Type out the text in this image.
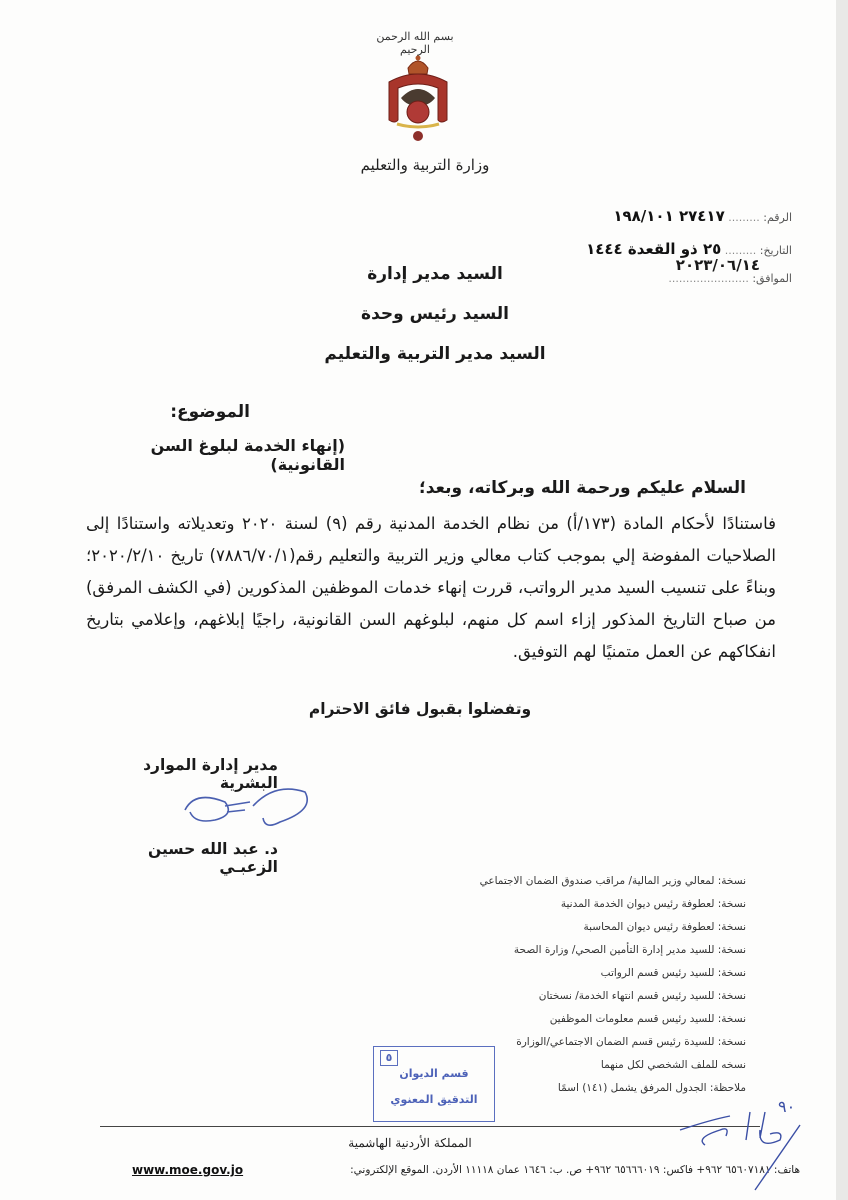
بسم الله الرحمن الرحيم
وزارة التربية والتعليم
الرقم: ......... ٢٧٤١٧ ١٩٨/١٠١
التاريخ: ......... ٢٥ ذو القعدة ١٤٤٤
الموافق: .......................
٢٠٢٣/٠٦/١٤
السيد مدير إدارة
السيد رئيس وحدة
السيد مدير التربية والتعليم
الموضوع:
(إنهاء الخدمة لبلوغ السن القانونية)
السلام عليكم ورحمة الله وبركاته، وبعد؛
فاستنادًا لأحكام المادة (١٧٣/أ) من نظام الخدمة المدنية رقم (٩) لسنة ٢٠٢٠ وتعديلاته واستنادًا إلى الصلاحيات المفوضة إلي بموجب كتاب معالي وزير التربية والتعليم رقم(٧٨٨٦/٧٠/١) تاريخ ٢٠٢٠/٢/١٠؛ وبناءً على تنسيب السيد مدير الرواتب، قررت إنهاء خدمات الموظفين المذكورين (في الكشف المرفق) من صباح التاريخ المذكور إزاء اسم كل منهم، لبلوغهم السن القانونية، راجيًا إبلاغهم، وإعلامي بتاريخ انفكاكهم عن العمل متمنيًا لهم التوفيق.
وتفضلوا بقبول فائق الاحترام
مدير إدارة الموارد البشرية
د. عبد الله حسين الزعبـي
نسخة: لمعالي وزير المالية/ مراقب صندوق الضمان الاجتماعي
نسخة: لعطوفة رئيس ديوان الخدمة المدنية
نسخة: لعطوفة رئيس ديوان المحاسبة
نسخة: للسيد مدير إدارة التأمين الصحي/ وزارة الصحة
نسخة: للسيد رئيس قسم الرواتب
نسخة: للسيد رئيس قسم انتهاء الخدمة/ نسختان
نسخة: للسيد رئيس قسم معلومات الموظفين
نسخة: للسيدة رئيس قسم الضمان الاجتماعي/الوزارة
نسخه للملف الشخصي لكل منهما
ملاحظة: الجدول المرفق يشمل (١٤١) اسمًا
٥
قسم الديوان
التدقيق المعنوي
المملكة الأردنية الهاشمية
هاتف: ٦٥٦٠٧١٨١ ٩٦٢+ فاكس: ٦٥٦٦٦٠١٩ ٩٦٢+ ص. ب: ١٦٤٦ عمان ١١١١٨ الأردن. الموقع الإلكتروني:
www.moe.gov.jo
٩٠
